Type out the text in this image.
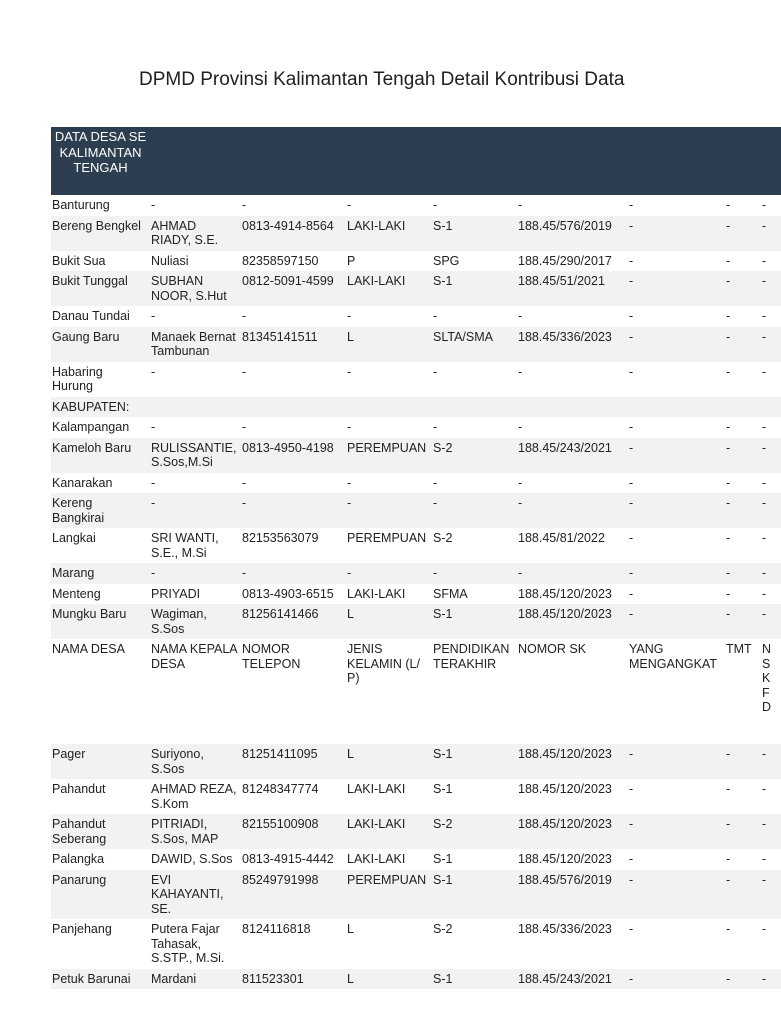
DPMD Provinsi Kalimantan Tengah Detail Kontribusi Data
DATA DESA SE KALIMANTAN TENGAH								
Banturung	-	-	-	-	-	-	-	-
Bereng Bengkel	AHMAD RIADY, S.E.	0813-4914-8564	LAKI-LAKI	S-1	188.45/576/2019	-	-	-
Bukit Sua	Nuliasi	82358597150	P	SPG	188.45/290/2017	-	-	-
Bukit Tunggal	SUBHAN NOOR, S.Hut	0812-5091-4599	LAKI-LAKI	S-1	188.45/51/2021	-	-	-
Danau Tundai	-	-	-	-	-	-	-	-
Gaung Baru	Manaek Bernat Tambunan	81345141511	L	SLTA/SMA	188.45/336/2023	-	-	-
Habaring Hurung	-	-	-	-	-	-	-	-
KABUPATEN:								
Kalampangan	-	-	-	-	-	-	-	-
Kameloh Baru	RULISSANTIE, S.Sos,M.Si	0813-4950-4198	PEREMPUAN	S-2	188.45/243/2021	-	-	-
Kanarakan	-	-	-	-	-	-	-	-
Kereng Bangkirai	-	-	-	-	-	-	-	-
Langkai	SRI WANTI, S.E., M.Si	82153563079	PEREMPUAN	S-2	188.45/81/2022	-	-	-
Marang	-	-	-	-	-	-	-	-
Menteng	PRIYADI	0813-4903-6515	LAKI-LAKI	SFMA	188.45/120/2023	-	-	-
Mungku Baru	Wagiman, S.Sos	81256141466	L	S-1	188.45/120/2023	-	-	-
NAMA DESA	NAMA KEPALA DESA	NOMOR TELEPON	JENIS KELAMIN (L/ P)	PENDIDIKAN TERAKHIR	NOMOR SK	YANG MENGANGKAT	TMT	N S K F D
Pager	Suriyono, S.Sos	81251411095	L	S-1	188.45/120/2023	-	-	-
Pahandut	AHMAD REZA, S.Kom	81248347774	LAKI-LAKI	S-1	188.45/120/2023	-	-	-
Pahandut Seberang	PITRIADI, S.Sos, MAP	82155100908	LAKI-LAKI	S-2	188.45/120/2023	-	-	-
Palangka	DAWID, S.Sos	0813-4915-4442	LAKI-LAKI	S-1	188.45/120/2023	-	-	-
Panarung	EVI KAHAYANTI, SE.	85249791998	PEREMPUAN	S-1	188.45/576/2019	-	-	-
Panjehang	Putera Fajar Tahasak, S.STP., M.Si.	8124116818	L	S-2	188.45/336/2023	-	-	-
Petuk Barunai	Mardani	811523301	L	S-1	188.45/243/2021	-	-	-
